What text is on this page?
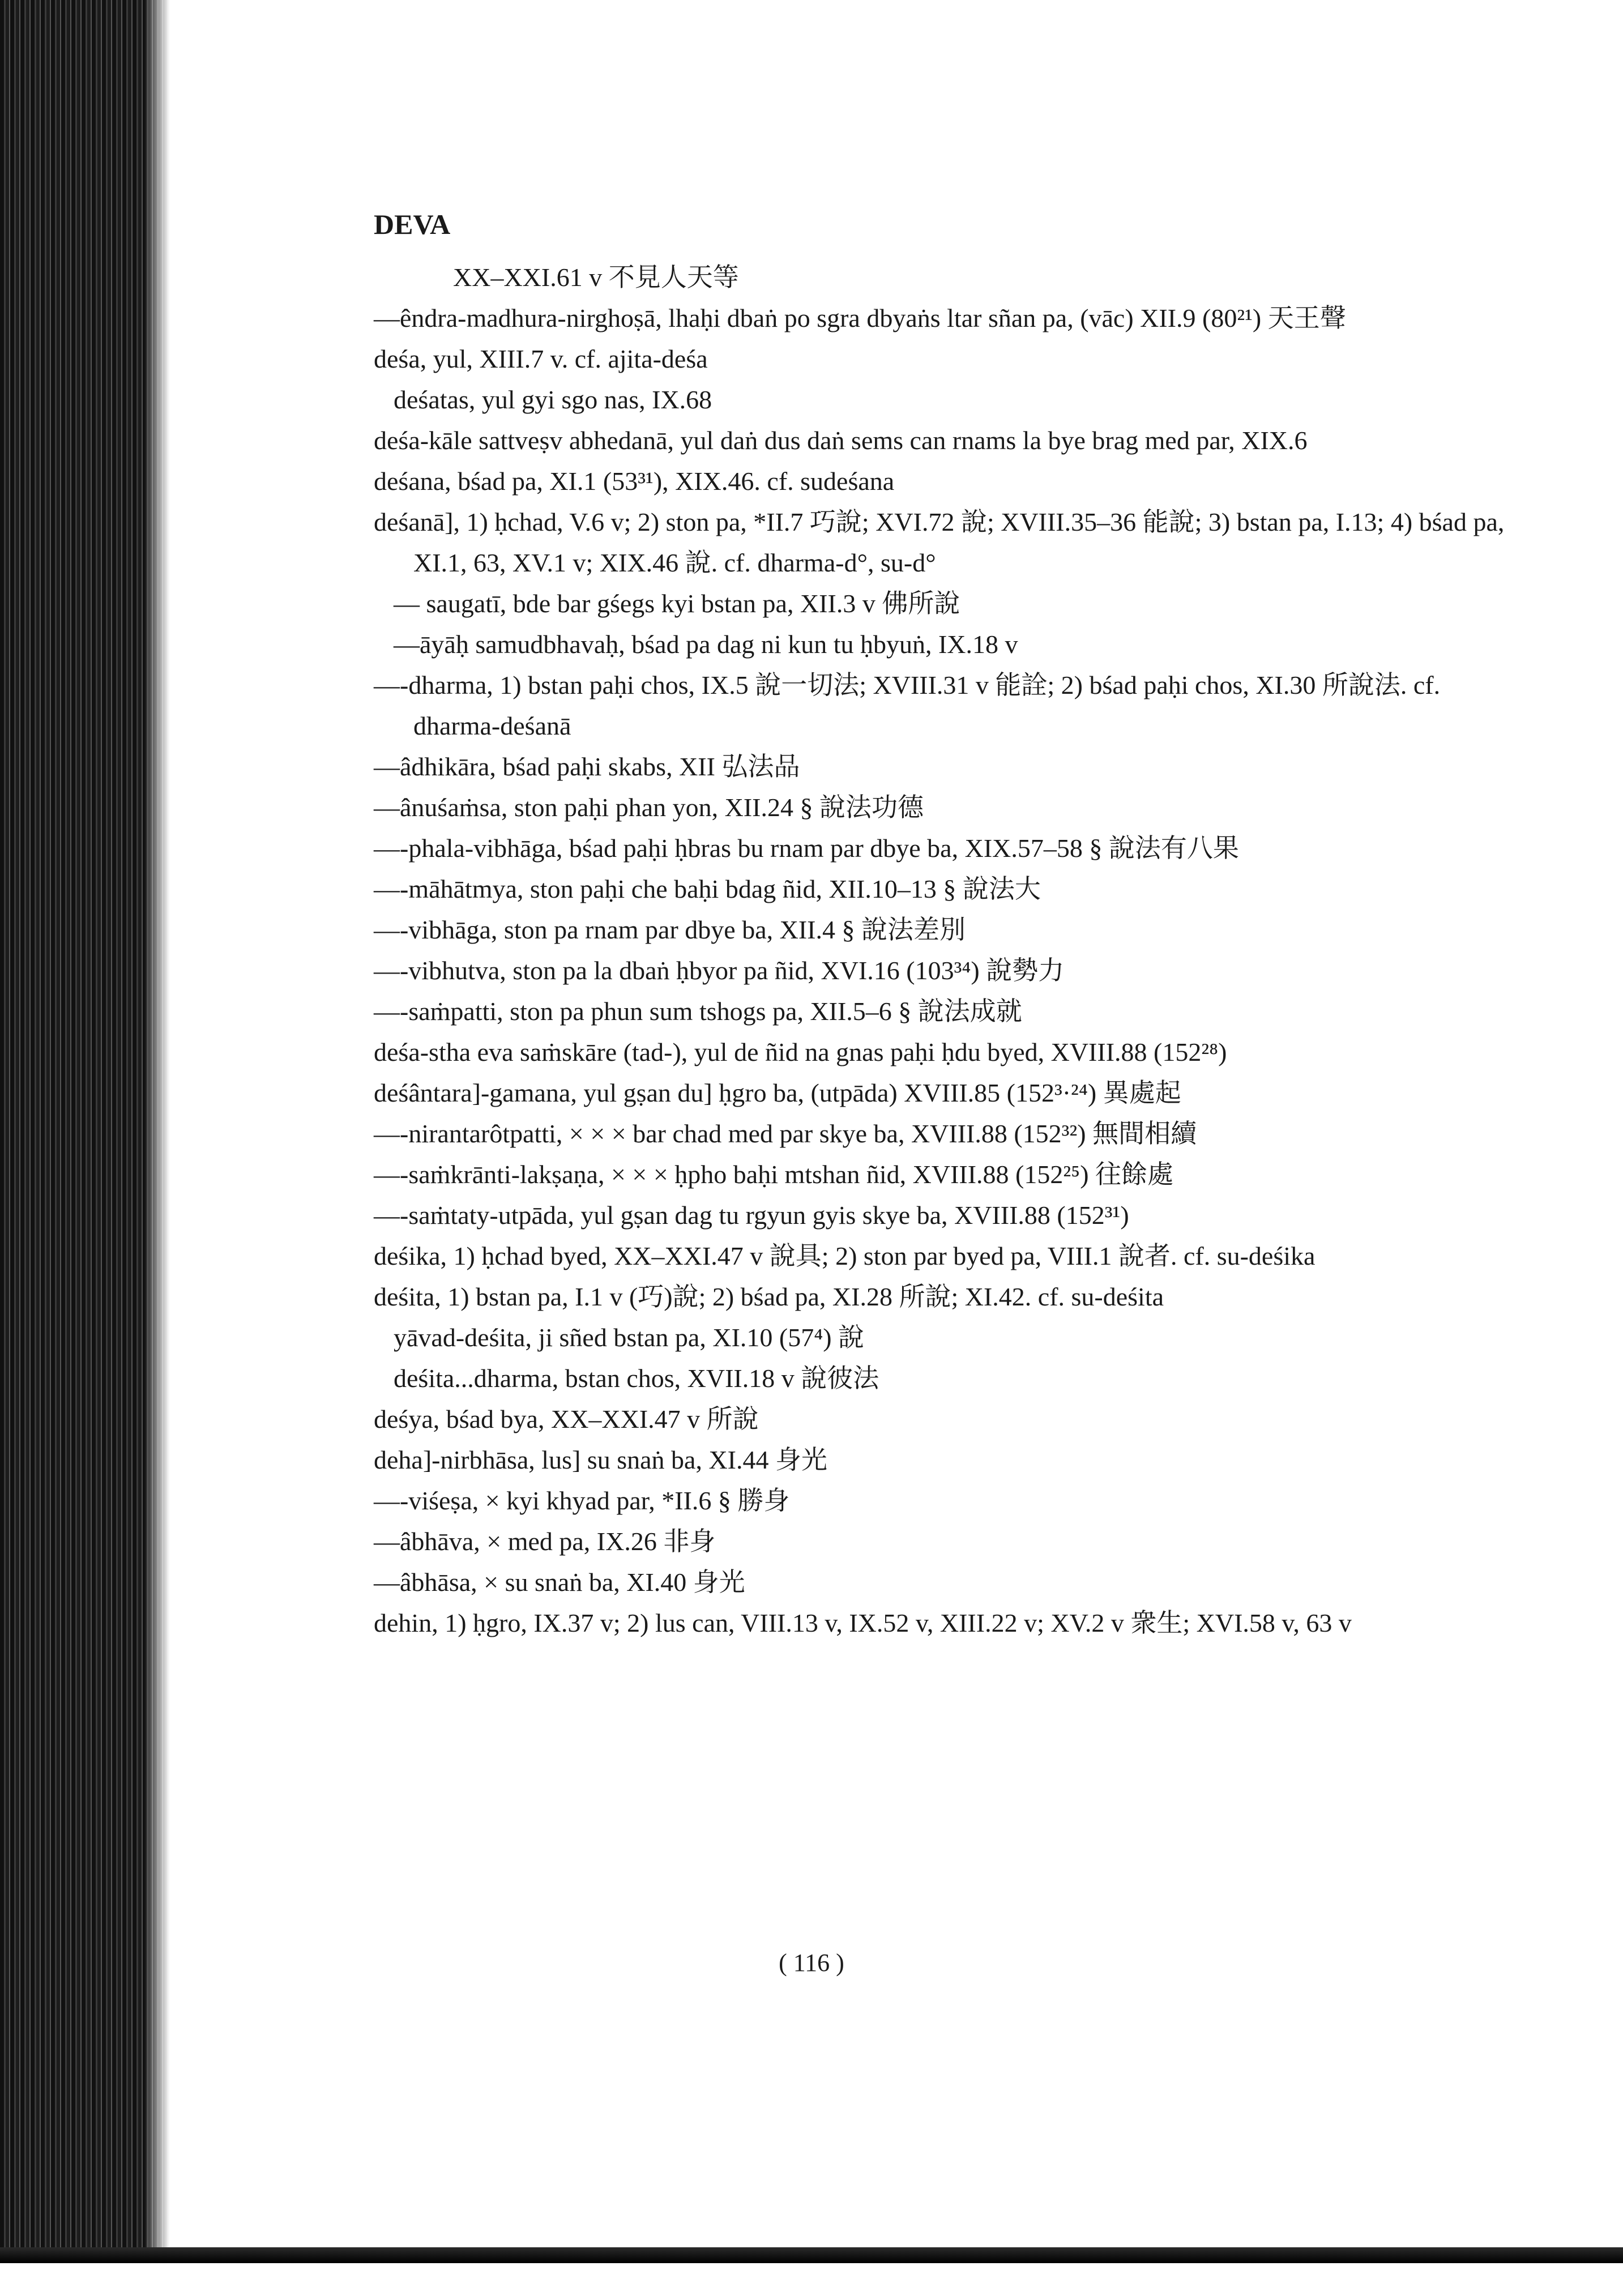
DEVA
XX–XXI.61 v 不見人天等
—êndra-madhura-nirghoṣā, lhaḥi dbaṅ po sgra dbyaṅs ltar sñan pa, (vāc) XII.9 (80²¹) 天王聲
deśa, yul, XIII.7 v. cf. ajita-deśa
deśatas, yul gyi sgo nas, IX.68
deśa-kāle sattveṣv abhedanā, yul daṅ dus daṅ sems can rnams la bye brag med par, XIX.6
deśana, bśad pa, XI.1 (53³¹), XIX.46. cf. sudeśana
deśanā], 1) ḥchad, V.6 v; 2) ston pa, *II.7 巧說; XVI.72 說; XVIII.35–36 能說; 3) bstan pa, I.13; 4) bśad pa, XI.1, 63, XV.1 v; XIX.46 說. cf. dharma-d°, su-d°
— saugatī, bde bar gśegs kyi bstan pa, XII.3 v 佛所說
—āyāḥ samudbhavaḥ, bśad pa dag ni kun tu ḥbyuṅ, IX.18 v
—-dharma, 1) bstan paḥi chos, IX.5 說一切法; XVIII.31 v 能詮; 2) bśad paḥi chos, XI.30 所說法. cf. dharma-deśanā
—âdhikāra, bśad paḥi skabs, XII 弘法品
—ânuśaṁsa, ston paḥi phan yon, XII.24 § 說法功德
—-phala-vibhāga, bśad paḥi ḥbras bu rnam par dbye ba, XIX.57–58 § 說法有八果
—-māhātmya, ston paḥi che baḥi bdag ñid, XII.10–13 § 說法大
—-vibhāga, ston pa rnam par dbye ba, XII.4 § 說法差別
—-vibhutva, ston pa la dbaṅ ḥbyor pa ñid, XVI.16 (103³⁴) 說勢力
—-saṁpatti, ston pa phun sum tshogs pa, XII.5–6 § 說法成就
deśa-stha eva saṁskāre (tad-), yul de ñid na gnas paḥi ḥdu byed, XVIII.88 (152²⁸)
deśântara]-gamana, yul gṣan du] ḥgro ba, (utpāda) XVIII.85 (152³·²⁴) 異處起
—-nirantarôtpatti, × × × bar chad med par skye ba, XVIII.88 (152³²) 無間相續
—-saṁkrānti-lakṣaṇa, × × × ḥpho baḥi mtshan ñid, XVIII.88 (152²⁵) 往餘處
—-saṁtaty-utpāda, yul gṣan dag tu rgyun gyis skye ba, XVIII.88 (152³¹)
deśika, 1) ḥchad byed, XX–XXI.47 v 說具; 2) ston par byed pa, VIII.1 說者. cf. su-deśika
deśita, 1) bstan pa, I.1 v (巧)說; 2) bśad pa, XI.28 所說; XI.42. cf. su-deśita
yāvad-deśita, ji sñed bstan pa, XI.10 (57⁴) 說
deśita...dharma, bstan chos, XVII.18 v 說彼法
deśya, bśad bya, XX–XXI.47 v 所說
deha]-nirbhāsa, lus] su snaṅ ba, XI.44 身光
—-viśeṣa, × kyi khyad par, *II.6 § 勝身
—âbhāva, × med pa, IX.26 非身
—âbhāsa, × su snaṅ ba, XI.40 身光
dehin, 1) ḥgro, IX.37 v; 2) lus can, VIII.13 v, IX.52 v, XIII.22 v; XV.2 v 衆生; XVI.58 v, 63 v
( 116 )
